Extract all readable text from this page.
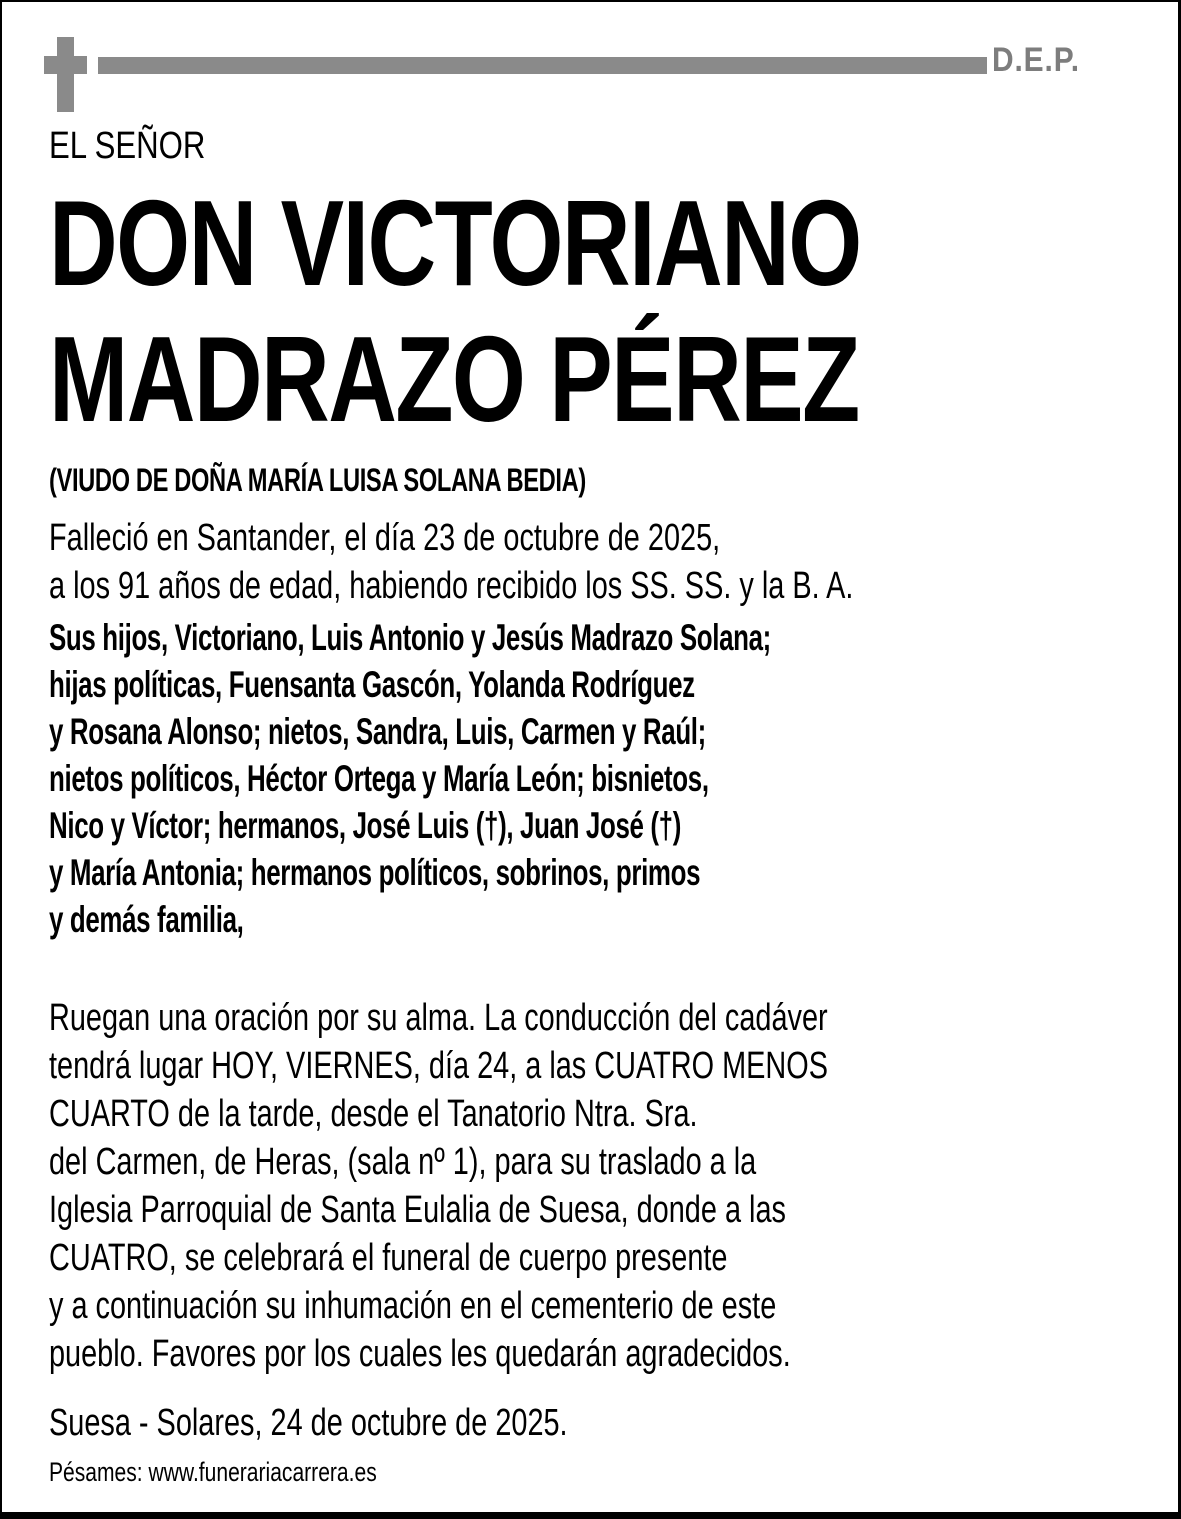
D.E.P.
EL SEÑOR
DON VICTORIANO
MADRAZO PÉREZ
(VIUDO DE DOÑA MARÍA LUISA SOLANA BEDIA)
Falleció en Santander, el día 23 de octubre de 2025,
a los 91 años de edad, habiendo recibido los SS. SS. y la B. A.
Sus hijos, Victoriano, Luis Antonio y Jesús Madrazo Solana;
hijas políticas, Fuensanta Gascón, Yolanda Rodríguez
y Rosana Alonso; nietos, Sandra, Luis, Carmen y Raúl;
nietos políticos, Héctor Ortega y María León; bisnietos,
Nico y Víctor; hermanos, José Luis (†), Juan José (†)
y María Antonia; hermanos políticos, sobrinos, primos
y demás familia,
Ruegan una oración por su alma. La conducción del cadáver
tendrá lugar HOY, VIERNES, día 24, a las CUATRO MENOS
CUARTO de la tarde, desde el Tanatorio Ntra. Sra.
del Carmen, de Heras, (sala nº 1), para su traslado a la
Iglesia Parroquial de Santa Eulalia de Suesa, donde a las
CUATRO, se celebrará el funeral de cuerpo presente
y a continuación su inhumación en el cementerio de este
pueblo. Favores por los cuales les quedarán agradecidos.
Suesa - Solares, 24 de octubre de 2025.
Pésames: www.funerariacarrera.es
